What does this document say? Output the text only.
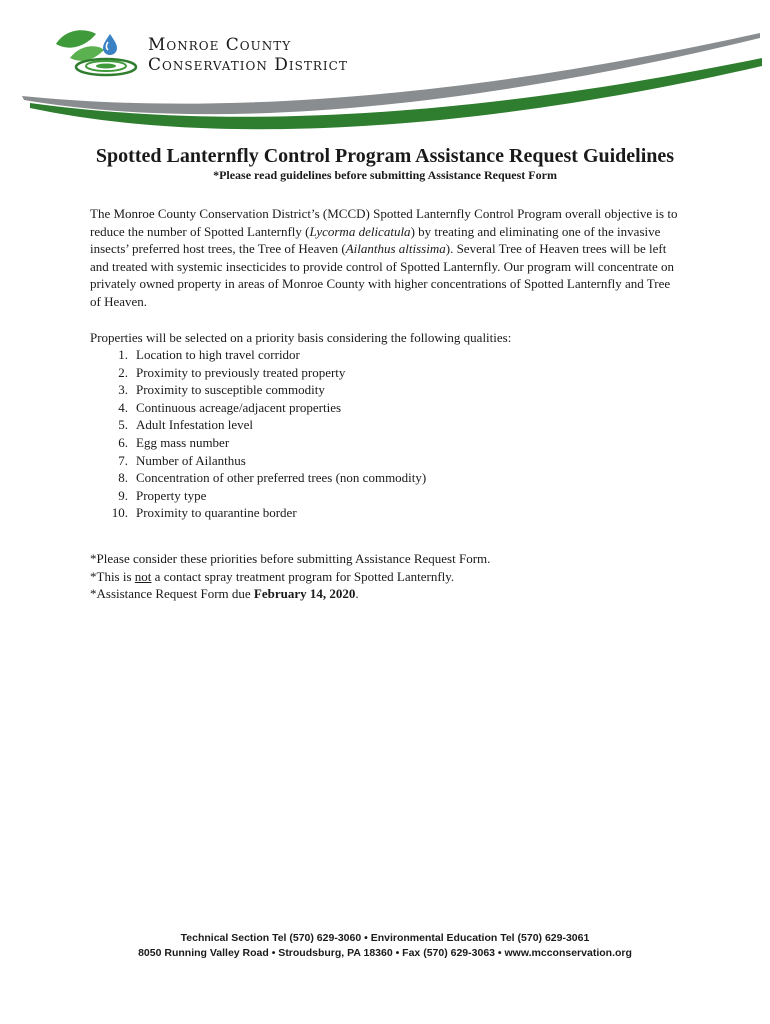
Monroe County
Conservation District
Spotted Lanternfly Control Program Assistance Request Guidelines
*Please read guidelines before submitting Assistance Request Form
The Monroe County Conservation District’s (MCCD) Spotted Lanternfly Control Program overall objective is to reduce the number of Spotted Lanternfly (Lycorma delicatula) by treating and eliminating one of the invasive insects’ preferred host trees, the Tree of Heaven (Ailanthus altissima). Several Tree of Heaven trees will be left and treated with systemic insecticides to provide control of Spotted Lanternfly. Our program will concentrate on privately owned property in areas of Monroe County with higher concentrations of Spotted Lanternfly and Tree of Heaven.
Properties will be selected on a priority basis considering the following qualities:
1. Location to high travel corridor
2. Proximity to previously treated property
3. Proximity to susceptible commodity
4. Continuous acreage/adjacent properties
5. Adult Infestation level
6. Egg mass number
7. Number of Ailanthus
8. Concentration of other preferred trees (non commodity)
9. Property type
10. Proximity to quarantine border
*Please consider these priorities before submitting Assistance Request Form.
*This is not a contact spray treatment program for Spotted Lanternfly.
*Assistance Request Form due February 14, 2020.
Technical Section Tel (570) 629-3060 • Environmental Education Tel (570) 629-3061
8050 Running Valley Road • Stroudsburg, PA 18360 • Fax (570) 629-3063 • www.mcconservation.org
